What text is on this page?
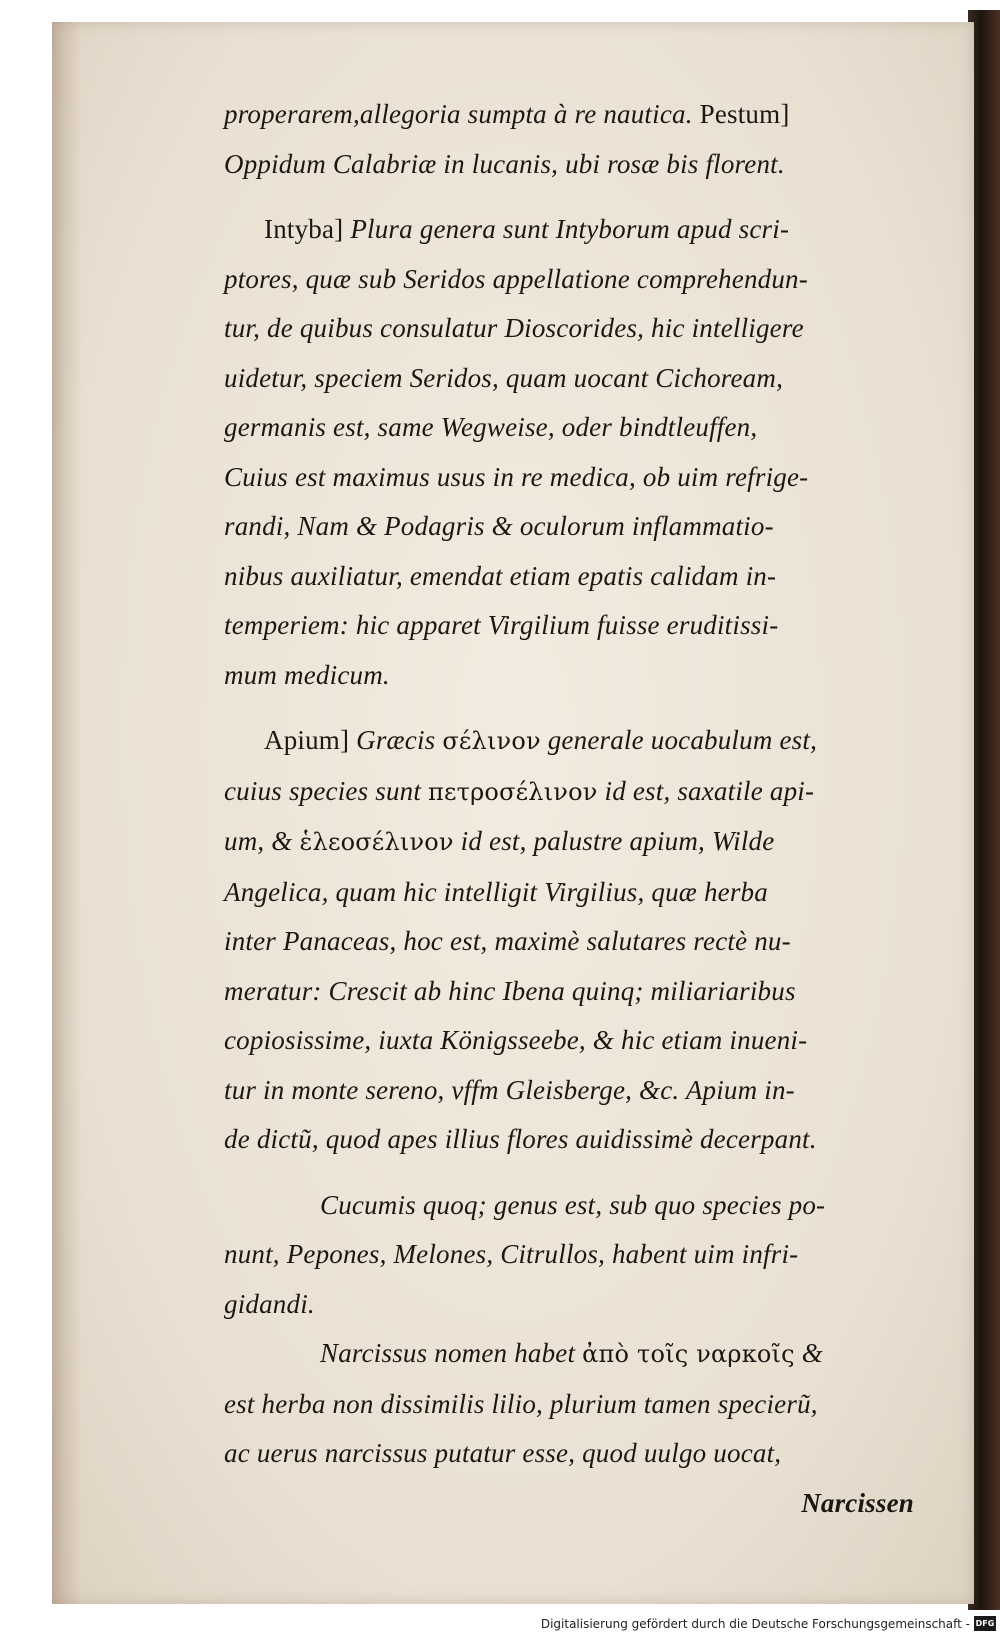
properarem,allegoria sumpta à re nautica. Pestum]

Oppidum Calabriæ in lucanis, ubi rosæ bis florent.

Intyba] Plura genera sunt Intyborum apud scri-

ptores, quæ sub Seridos appellatione comprehendun-

tur, de quibus consulatur Dioscorides, hic intelligere

uidetur, speciem Seridos, quam uocant Cichoream,

germanis est, same Wegweise, oder bindtleuffen,

Cuius est maximus usus in re medica, ob uim refrige-

randi, Nam & Podagris & oculorum inflammatio-

nibus auxiliatur, emendat etiam epatis calidam in-

temperiem: hic apparet Virgilium fuisse eruditissi-

mum medicum.

Apium] Græcis σέλινον generale uocabulum est,

cuius species sunt πετροσέλινον id est, saxatile api-

um, & ἑλεοσέλινον id est, palustre apium, Wilde

Angelica, quam hic intelligit Virgilius, quæ herba

inter Panaceas, hoc est, maximè salutares rectè nu-

meratur: Crescit ab hinc Ibena quinq; miliariaribus

copiosissime, iuxta Königsseebe, & hic etiam inueni-

tur in monte sereno, vffm Gleisberge, &c. Apium in-

de dictũ, quod apes illius flores auidissimè decerpant.

Cucumis quoq; genus est, sub quo species po-

nunt, Pepones, Melones, Citrullos, habent uim infri-

gidandi.

Narcissus nomen habet ἀπὸ τοῖς ναρκοῖς &

est herba non dissimilis lilio, plurium tamen specierũ,

ac uerus narcissus putatur esse, quod uulgo uocat,

Narcissen

Digitalisierung gefördert durch die Deutsche Forschungsgemeinschaft - DFG
